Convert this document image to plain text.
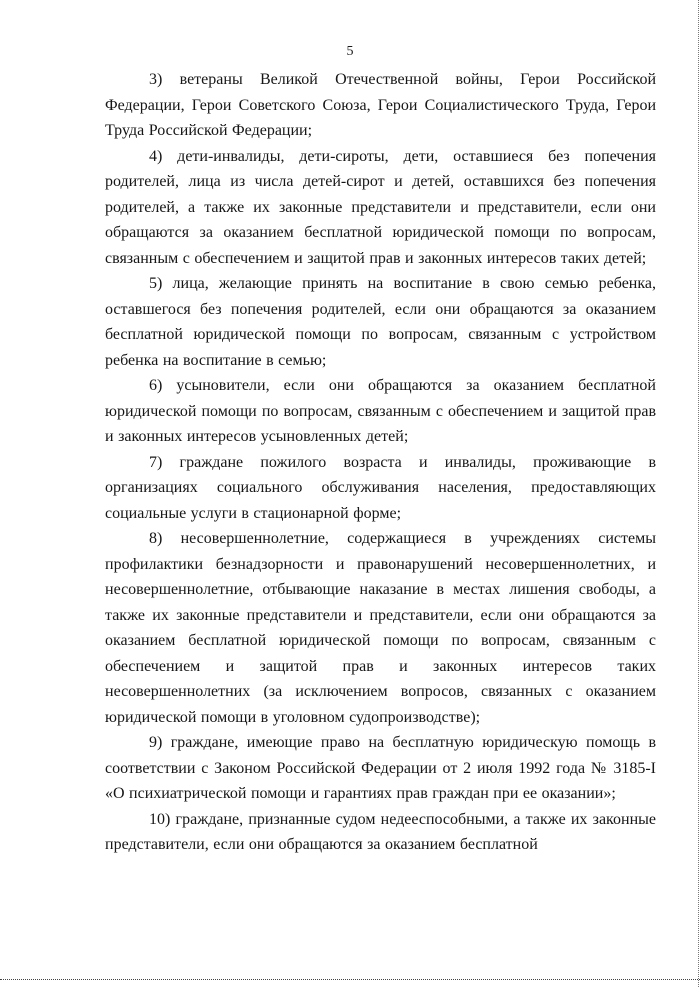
5

3) ветераны Великой Отечественной войны, Герои Российской Федерации, Герои Советского Союза, Герои Социалистического Труда, Герои Труда Российской Федерации;

4) дети-инвалиды, дети-сироты, дети, оставшиеся без попечения родителей, лица из числа детей-сирот и детей, оставшихся без попечения родителей, а также их законные представители и представители, если они обращаются за оказанием бесплатной юридической помощи по вопросам, связанным с обеспечением и защитой прав и законных интересов таких детей;

5) лица, желающие принять на воспитание в свою семью ребенка, оставшегося без попечения родителей, если они обращаются за оказанием бесплатной юридической помощи по вопросам, связанным с устройством ребенка на воспитание в семью;

6) усыновители, если они обращаются за оказанием бесплатной юридической помощи по вопросам, связанным с обеспечением и защитой прав и законных интересов усыновленных детей;

7) граждане пожилого возраста и инвалиды, проживающие в организациях социального обслуживания населения, предоставляющих социальные услуги в стационарной форме;

8) несовершеннолетние, содержащиеся в учреждениях системы профилактики безнадзорности и правонарушений несовершеннолетних, и несовершеннолетние, отбывающие наказание в местах лишения свободы, а также их законные представители и представители, если они обращаются за оказанием бесплатной юридической помощи по вопросам, связанным с обеспечением и защитой прав и законных интересов таких несовершеннолетних (за исключением вопросов, связанных с оказанием юридической помощи в уголовном судопроизводстве);

9) граждане, имеющие право на бесплатную юридическую помощь в соответствии с Законом Российской Федерации от 2 июля 1992 года № 3185-I «О психиатрической помощи и гарантиях прав граждан при ее оказании»;

10) граждане, признанные судом недееспособными, а также их законные представители, если они обращаются за оказанием бесплатной
